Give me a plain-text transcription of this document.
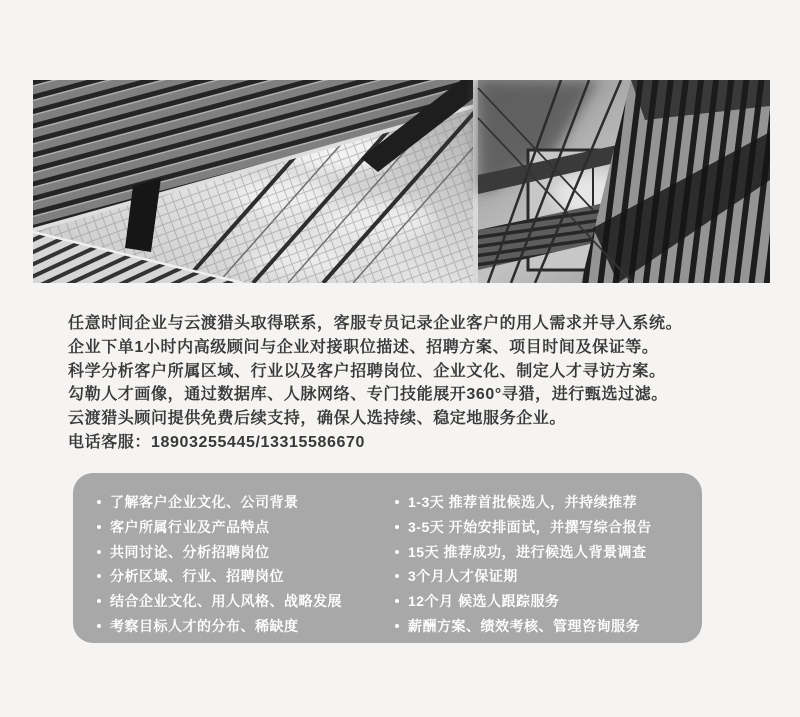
任意时间企业与云渡猎头取得联系，客服专员记录企业客户的用人需求并导入系统。

企业下单1小时内高级顾问与企业对接职位描述、招聘方案、项目时间及保证等。

科学分析客户所属区域、行业以及客户招聘岗位、企业文化、制定人才寻访方案。

勾勒人才画像，通过数据库、人脉网络、专门技能展开360°寻猎，进行甄选过滤。

云渡猎头顾问提供免费后续支持，确保人选持续、稳定地服务企业。

电话客服：18903255445/13315586670

了解客户企业文化、公司背景
客户所属行业及产品特点
共同讨论、分析招聘岗位
分析区域、行业、招聘岗位
结合企业文化、用人风格、战略发展
考察目标人才的分布、稀缺度
1-3天 推荐首批候选人，并持续推荐
3-5天 开始安排面试，并撰写综合报告
15天 推荐成功，进行候选人背景调查
3个月人才保证期
12个月 候选人跟踪服务
薪酬方案、绩效考核、管理咨询服务
